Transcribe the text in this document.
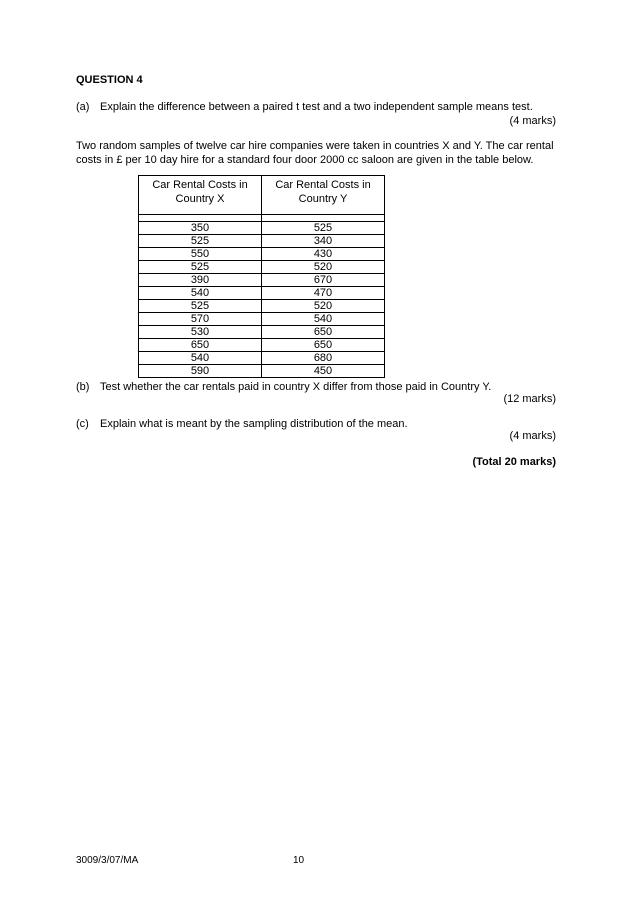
QUESTION 4
(a) Explain the difference between a paired t test and a two independent sample means test.
(4 marks)
Two random samples of twelve car hire companies were taken in countries X and Y. The car rental costs in £ per 10 day hire for a standard four door 2000 cc saloon are given in the table below.
Car Rental Costs in Country X	Car Rental Costs in Country Y

350	525
525	340
550	430
525	520
390	670
540	470
525	520
570	540
530	650
650	650
540	680
590	450
(b) Test whether the car rentals paid in country X differ from those paid in Country Y.
(12 marks)
(c) Explain what is meant by the sampling distribution of the mean.
(4 marks)
(Total 20 marks)
3009/3/07/MA	10
